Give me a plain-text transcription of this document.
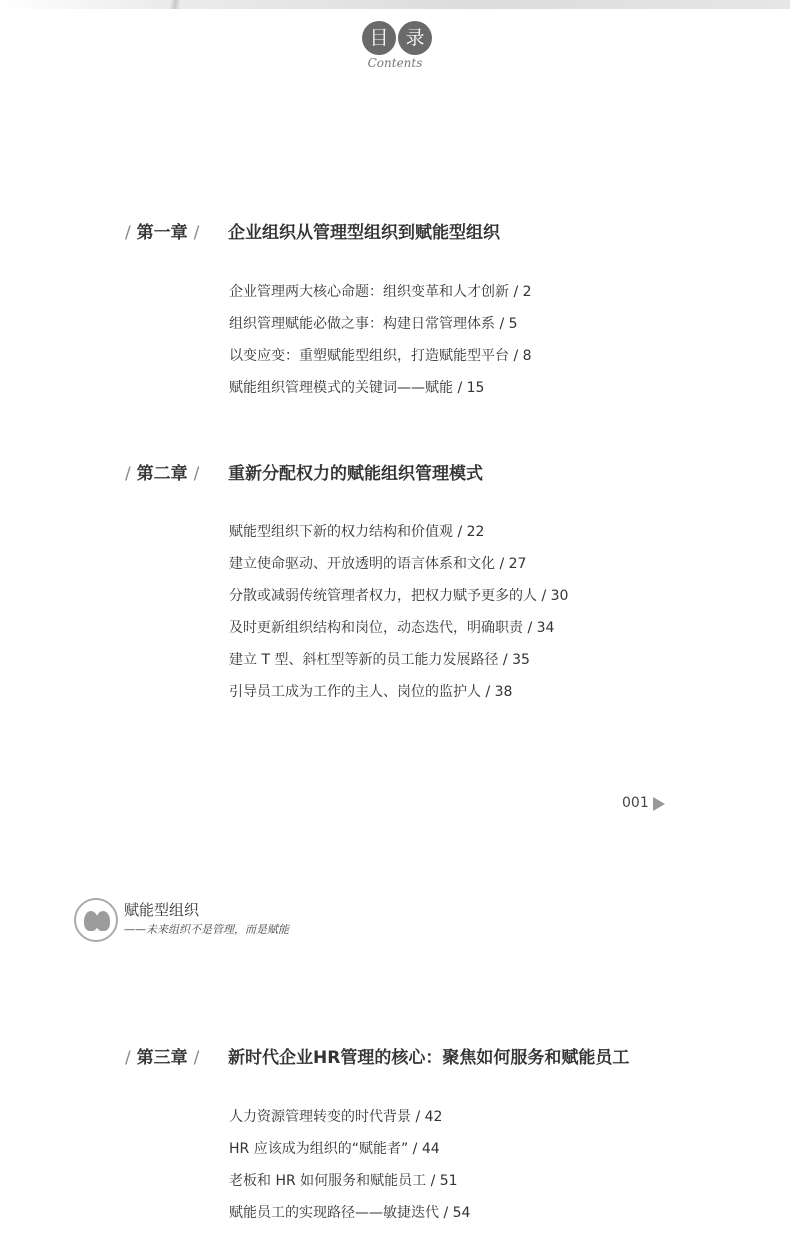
目 录
Contents
/ 第一章 / 企业组织从管理型组织到赋能型组织
企业管理两大核心命题：组织变革和人才创新 / 2
组织管理赋能必做之事：构建日常管理体系 / 5
以变应变：重塑赋能型组织，打造赋能型平台 / 8
赋能组织管理模式的关键词——赋能 / 15
/ 第二章 / 重新分配权力的赋能组织管理模式
赋能型组织下新的权力结构和价值观 / 22
建立使命驱动、开放透明的语言体系和文化 / 27
分散或减弱传统管理者权力，把权力赋予更多的人 / 30
及时更新组织结构和岗位，动态迭代，明确职责 / 34
建立 T 型、斜杠型等新的员工能力发展路径 / 35
引导员工成为工作的主人、岗位的监护人 / 38
001
赋能型组织
——未来组织不是管理，而是赋能
/ 第三章 / 新时代企业HR管理的核心：聚焦如何服务和赋能员工
人力资源管理转变的时代背景 / 42
HR 应该成为组织的“赋能者” / 44
老板和 HR 如何服务和赋能员工 / 51
赋能员工的实现路径——敏捷迭代 / 54
